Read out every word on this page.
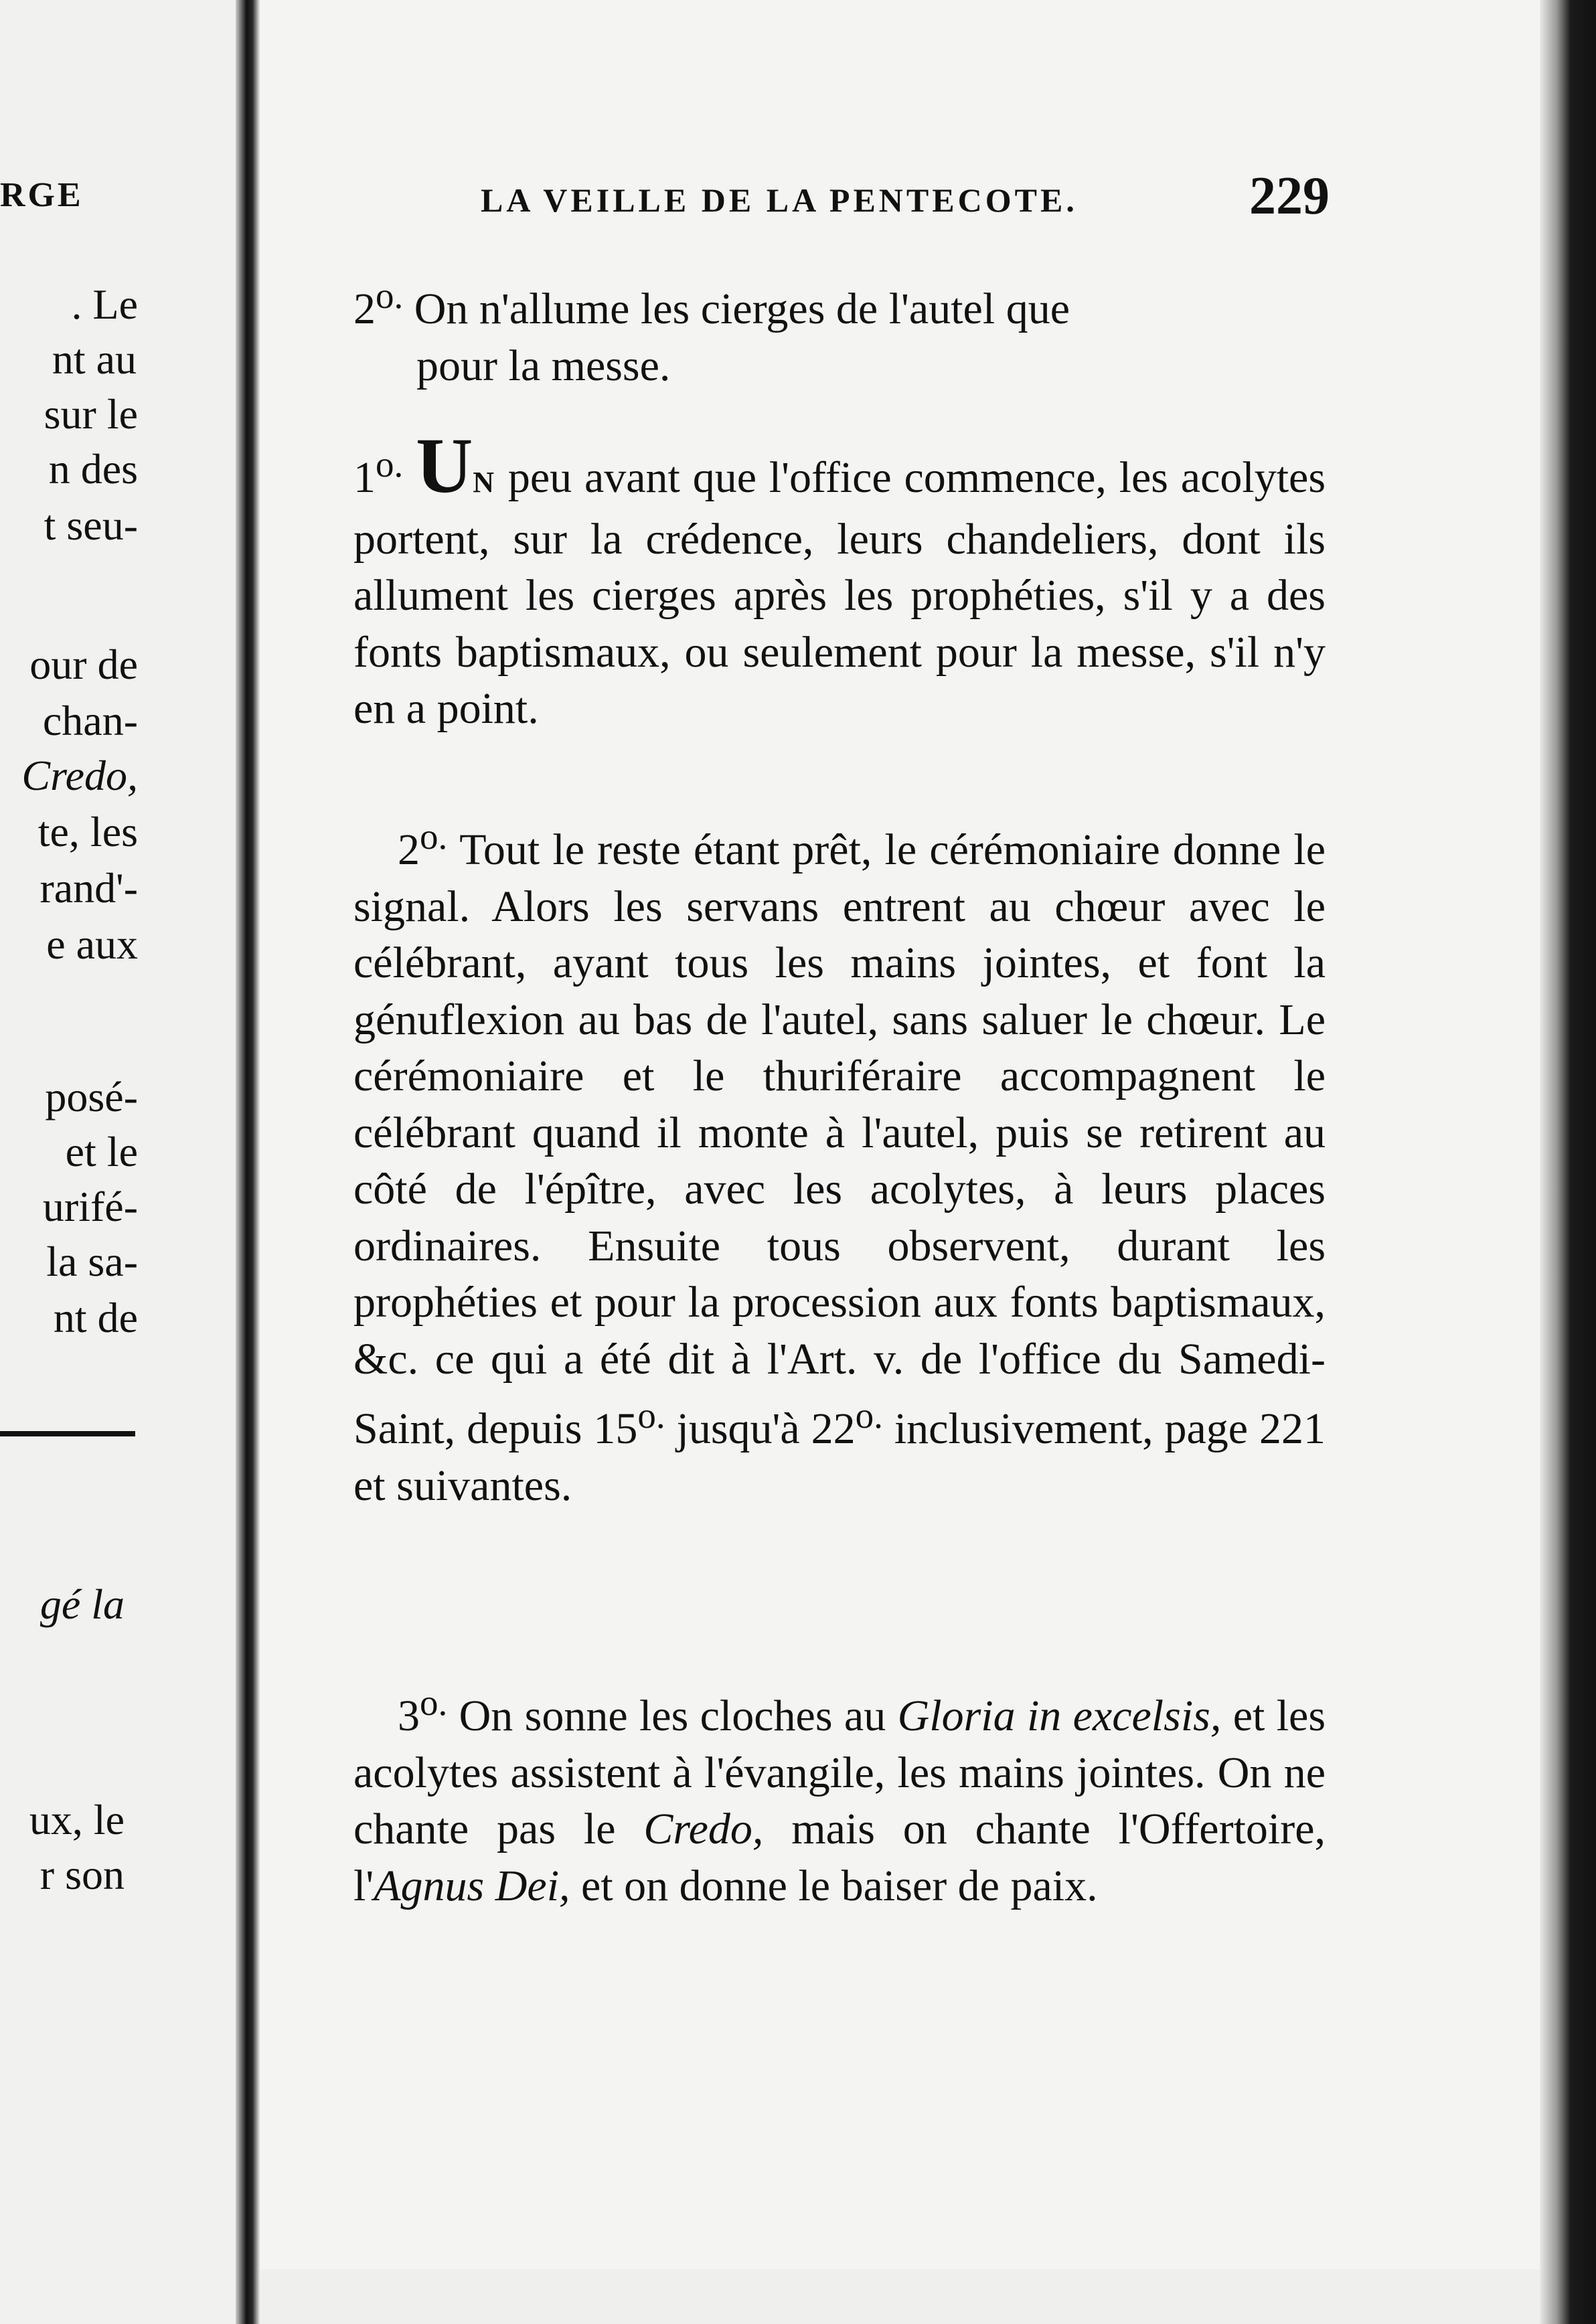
RGE
. Le
nt au
sur le
n des
t seu-
our de
chan-
Credo,
te, les
rand'-
e aux
posé-
et le
urifé-
la sa-
nt de
gé la
ux, le
r son
LA VEILLE DE LA PENTECOTE.	229
$2^{o.}$ On n'allume les cierges de l'autel que
pour la messe.
$1^{o.}$ UN peu avant que l'office commence, les acolytes portent, sur la crédence, leurs chandeliers, dont ils allument les cierges après les prophéties, s'il y a des fonts baptismaux, ou seulement pour la messe, s'il n'y en a point.
$2^{o.}$ Tout le reste étant prêt, le cérémoniaire donne le signal. Alors les servans entrent au chœur avec le célébrant, ayant tous les mains jointes, et font la génuflexion au bas de l'autel, sans saluer le chœur. Le cérémoniaire et le thuriféraire accompagnent le célébrant quand il monte à l'autel, puis se retirent au côté de l'épître, avec les acolytes, à leurs places ordinaires. Ensuite tous observent, durant les prophéties et pour la procession aux fonts baptismaux, &c. ce qui a été dit à l'Art. v. de l'office du Samedi-Saint, depuis $15^{o.}$ jusqu'à $22^{o.}$ inclusivement, page 221 et suivantes.
$3^{o.}$ On sonne les cloches au Gloria in excelsis, et les acolytes assistent à l'évangile, les mains jointes. On ne chante pas le Credo, mais on chante l'Offertoire, l'Agnus Dei, et on donne le baiser de paix.
